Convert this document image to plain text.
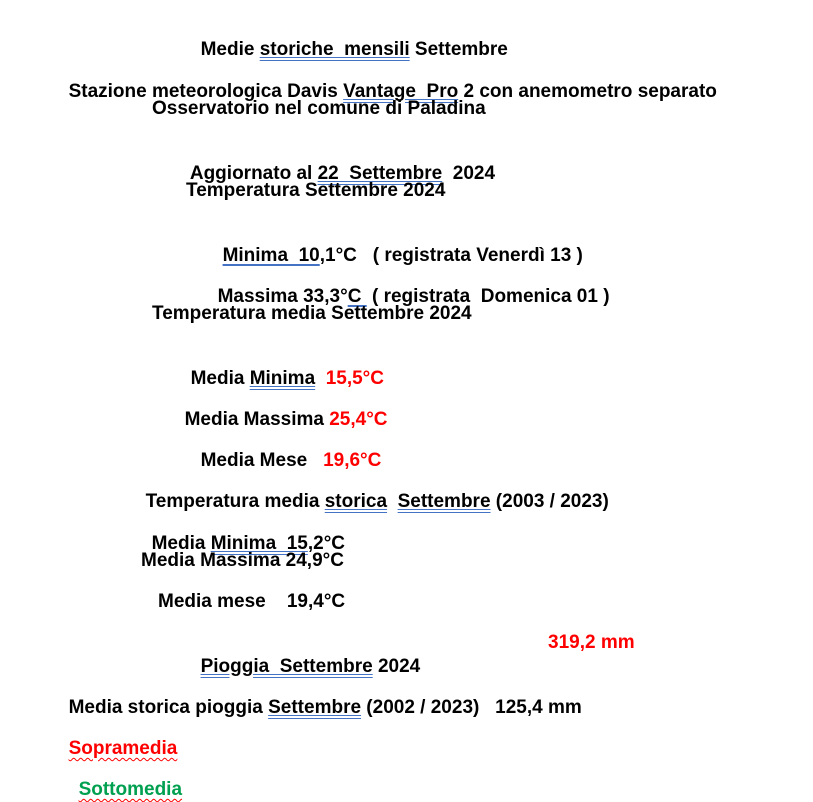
Medie storiche  mensili Settembre

Stazione meteorologica Davis Vantage  Pro 2 con anemometro separato

Osservatorio nel comune di Paladina

Aggiornato al 22  Settembre  2024

Temperatura Settembre 2024

Minima  10,1°C   ( registrata Venerdì 13 )

Massima 33,3°C  ( registrata  Domenica 01 )

Temperatura media Settembre 2024

Media Minima 15,5°C

Media Massima 25,4°C

Media Mese   19,6°C

Temperatura media storica Settembre (2003 / 2023)

Media Minima  15,2°C

Media Massima 24,9°C
Media mese    19,4°C

Pioggia  Settembre 2024

319,2 mm

Media storica pioggia Settembre (2002 / 2023)   125,4 mm

Sopramedia

Sottomedia
